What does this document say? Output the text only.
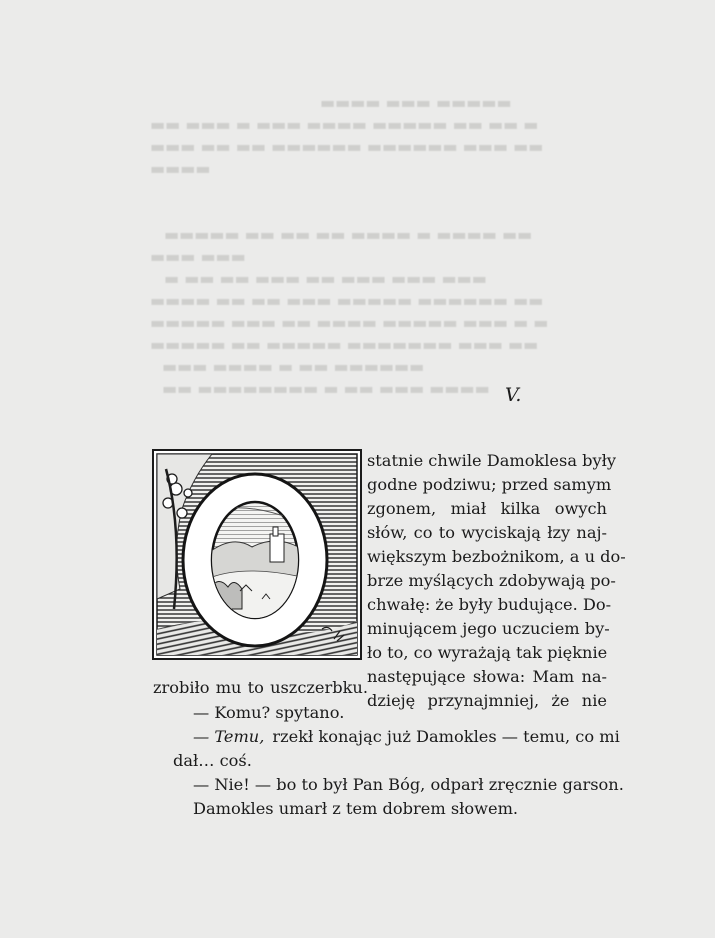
▬▬▬▬ ▬▬▬ ▬▬▬▬▬
▬▬ ▬▬▬ ▬ ▬▬▬ ▬▬▬▬ ▬▬▬▬▬ ▬▬ ▬▬ ▬
▬▬▬ ▬▬ ▬▬ ▬▬▬▬▬▬ ▬▬▬▬▬▬ ▬▬▬ ▬▬
▬▬▬▬
▬▬▬▬▬ ▬▬ ▬▬ ▬▬ ▬▬▬▬ ▬ ▬▬▬▬ ▬▬
▬▬▬ ▬▬▬
▬ ▬▬ ▬▬ ▬▬▬ ▬▬ ▬▬▬ ▬▬▬ ▬▬▬
▬▬▬▬ ▬▬ ▬▬ ▬▬▬ ▬▬▬▬▬ ▬▬▬▬▬▬ ▬▬
▬▬▬▬▬ ▬▬▬ ▬▬ ▬▬▬▬ ▬▬▬▬▬ ▬▬▬ ▬ ▬
▬▬▬▬▬ ▬▬ ▬▬▬▬▬ ▬▬▬▬▬▬▬ ▬▬▬ ▬▬
▬▬▬ ▬▬▬▬ ▬ ▬▬ ▬▬▬▬▬▬
▬▬ ▬▬▬▬▬▬▬▬ ▬ ▬▬ ▬▬▬ ▬▬▬▬ V.
statnie chwile Damoklesa były
godne podziwu; przed samym
zgonem, miał kilka owych
słów, co to wyciskają łzy naj-
większym bezbożnikom, a u do-
brze myślących zdobywają po-
chwałę: że były budujące. Do-
minującem jego uczuciem by-
ło to, co wyrażają tak pięknie
następujące słowa: Mam na-
dzieję przynajmniej, że nie
zrobiło mu to uszczerbku.
— Komu? spytano.
— Temu, rzekł konając już Damokles — temu, co mi
dał… coś.
— Nie! — bo to był Pan Bóg, odparł zręcznie garson.
Damokles umarł z tem dobrem słowem.
